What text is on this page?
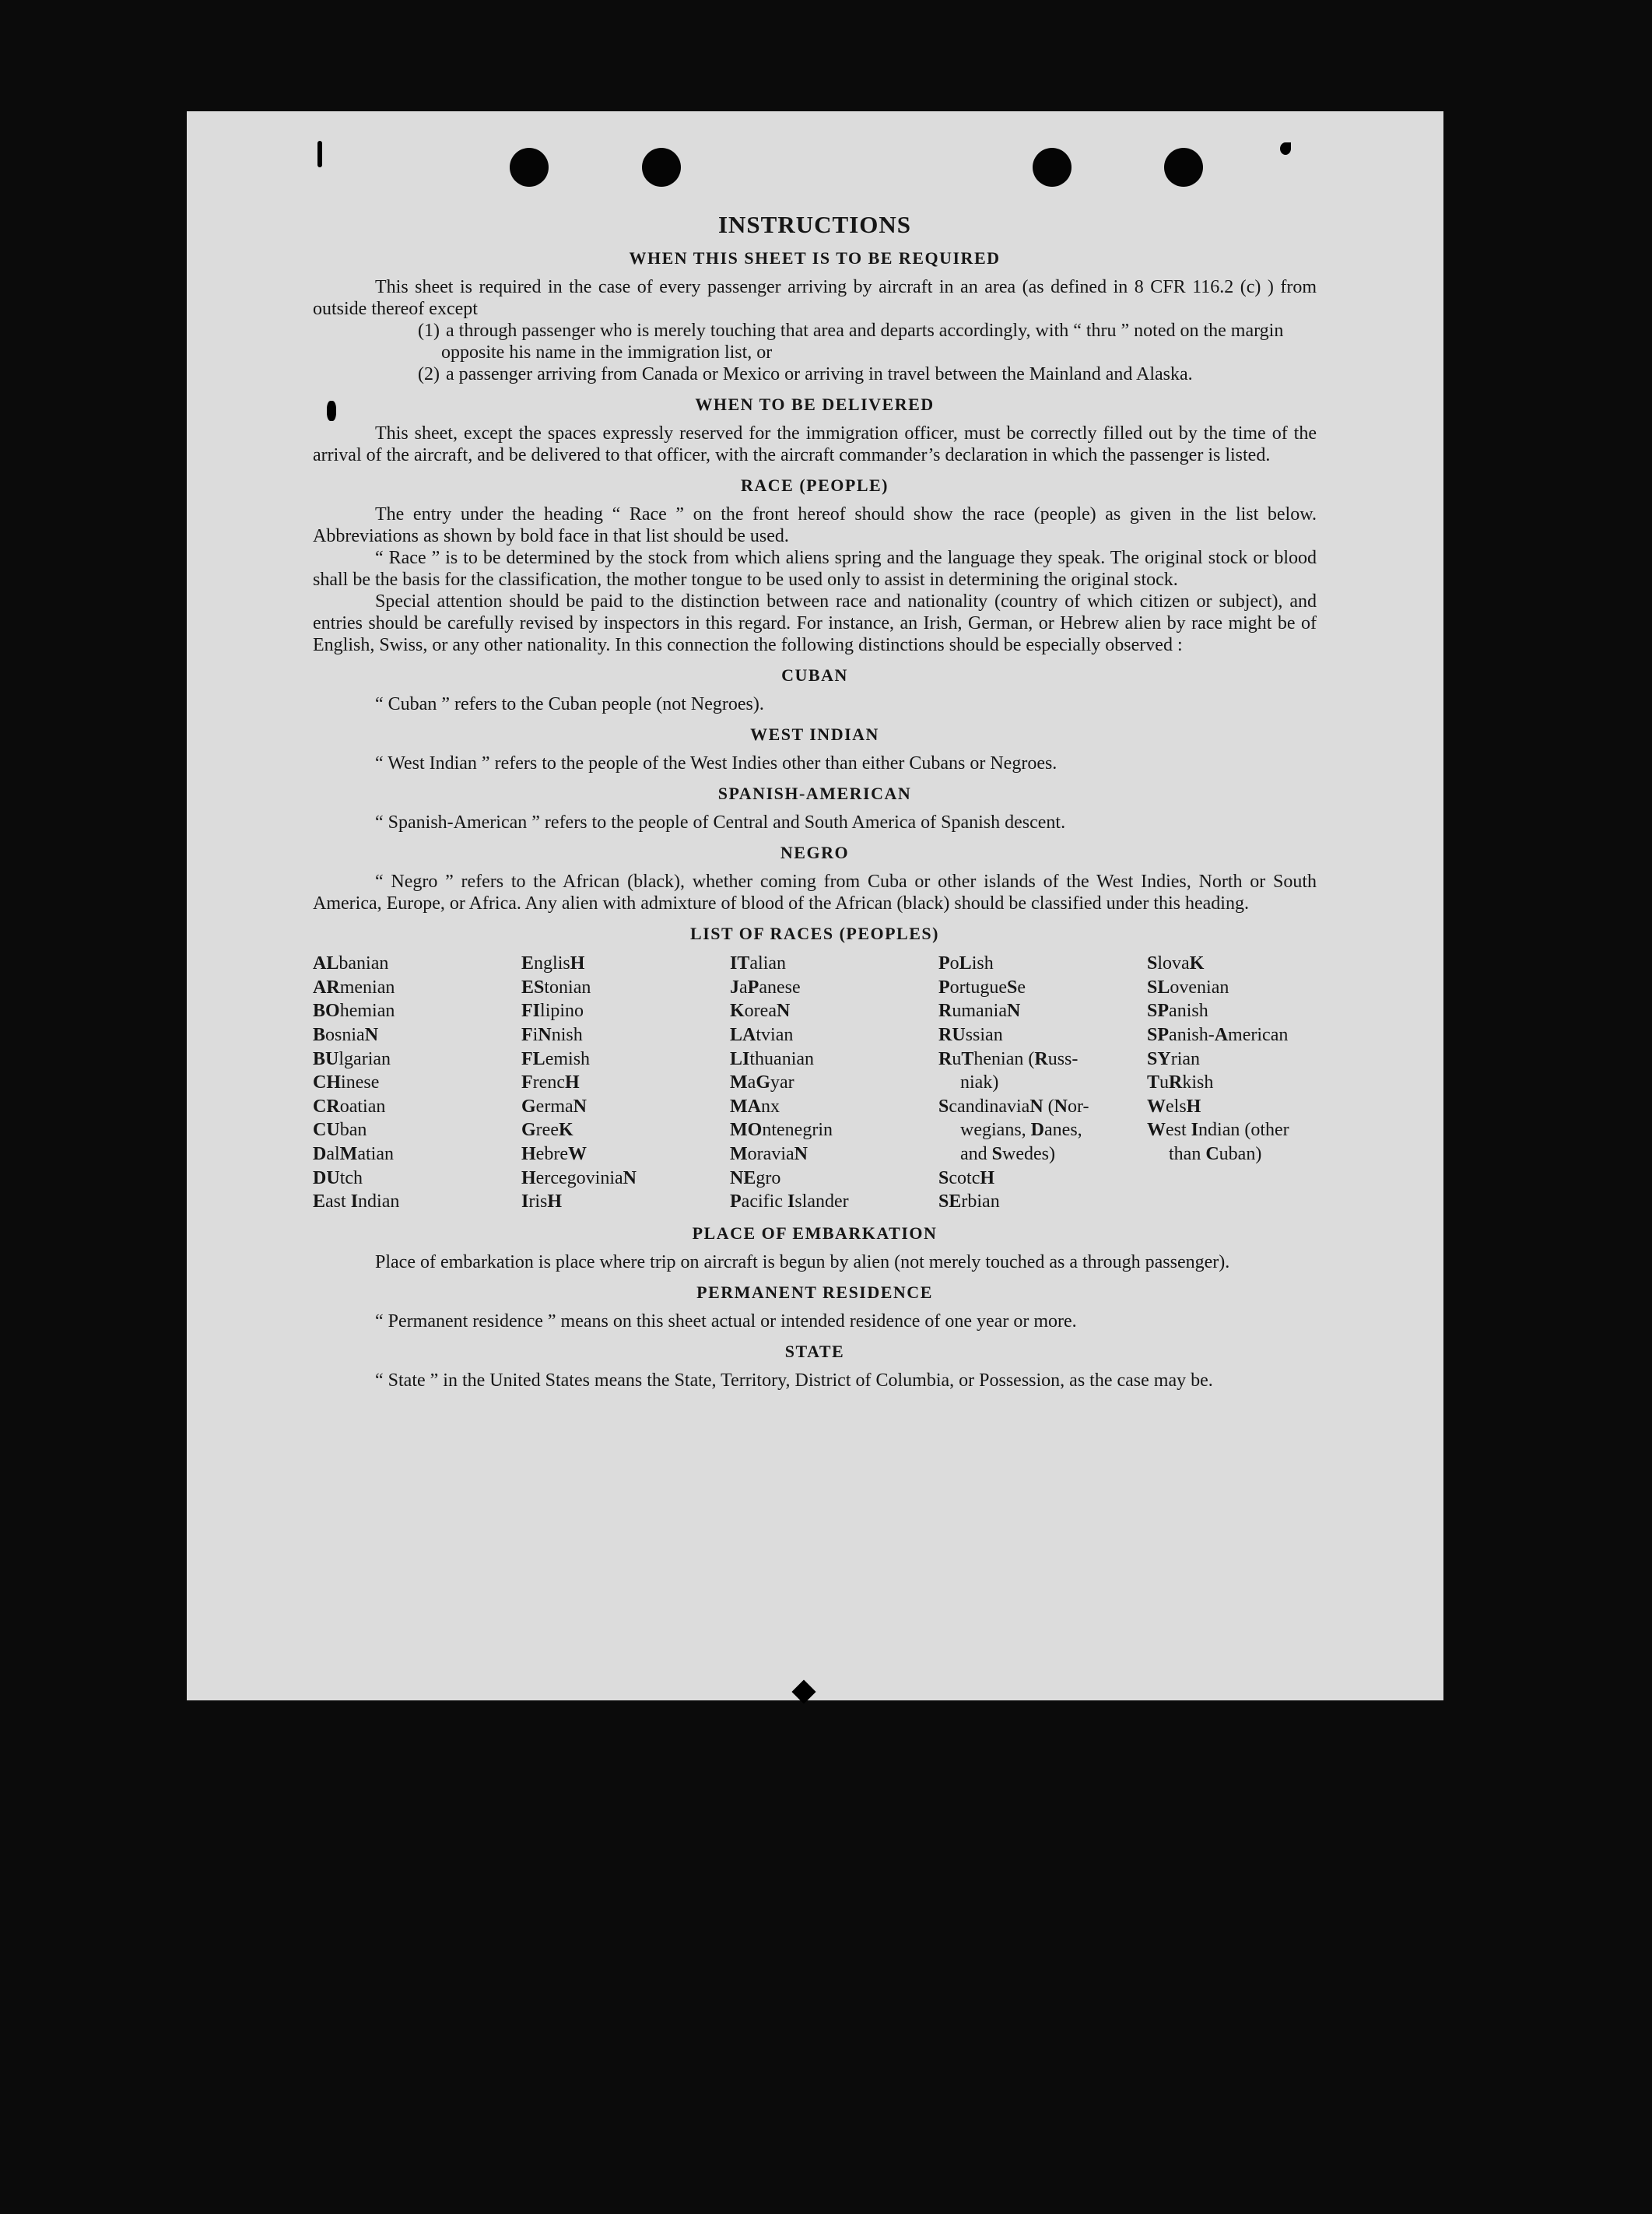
INSTRUCTIONS
WHEN THIS SHEET IS TO BE REQUIRED

This sheet is required in the case of every passenger arriving by aircraft in an area (as defined in 8 CFR 116.2 (c) ) from outside thereof except

(1) a through passenger who is merely touching that area and departs accordingly, with “ thru ” noted on the margin opposite his name in the immigration list, or
(2) a passenger arriving from Canada or Mexico or arriving in travel between the Mainland and Alaska.
WHEN TO BE DELIVERED

This sheet, except the spaces expressly reserved for the immigration officer, must be correctly filled out by the time of the arrival of the aircraft, and be delivered to that officer, with the aircraft commander’s declaration in which the passenger is listed.

RACE (PEOPLE)

The entry under the heading “ Race ” on the front hereof should show the race (people) as given in the list below. Abbreviations as shown by bold face in that list should be used.

“ Race ” is to be determined by the stock from which aliens spring and the language they speak. The original stock or blood shall be the basis for the classification, the mother tongue to be used only to assist in determining the original stock.

Special attention should be paid to the distinction between race and nationality (country of which citizen or subject), and entries should be carefully revised by inspectors in this regard. For instance, an Irish, German, or Hebrew alien by race might be of English, Swiss, or any other nationality. In this connection the following distinctions should be especially observed :

CUBAN

“ Cuban ” refers to the Cuban people (not Negroes).

WEST INDIAN

“ West Indian ” refers to the people of the West Indies other than either Cubans or Negroes.

SPANISH-AMERICAN

“ Spanish-American ” refers to the people of Central and South America of Spanish descent.

NEGRO

“ Negro ” refers to the African (black), whether coming from Cuba or other islands of the West Indies, North or South America, Europe, or Africa. Any alien with admixture of blood of the African (black) should be classified under this heading.

LIST OF RACES (PEOPLES)
ALbanian
ARmenian
BOhemian
BosniaN
BUlgarian
CHinese
CRoatian
CUban
DalMatian
DUtch
East Indian
EnglisH
EStonian
FIlipino
FiNnish
FLemish
FrencH
GermaN
GreeK
HebreW
HercegoviniaN
IrisH
ITalian
JaPanese
KoreaN
LAtvian
LIthuanian
MaGyar
MAnx
MOntenegrin
MoraviaN
NEgro
Pacific Islander
PoLish
PortugueSe
RumaniaN
RUssian
RuThenian (Russ-
niak)
ScandinaviaN (Nor-
wegians, Danes,
and Swedes)
ScotcH
SErbian
SlovaK
SLovenian
SPanish
SPanish-American
SYrian
TuRkish
WelsH
West Indian (other
than Cuban)
PLACE OF EMBARKATION

Place of embarkation is place where trip on aircraft is begun by alien (not merely touched as a through passenger).

PERMANENT RESIDENCE

“ Permanent residence ” means on this sheet actual or intended residence of one year or more.

STATE

“ State ” in the United States means the State, Territory, District of Columbia, or Possession, as the case may be.
